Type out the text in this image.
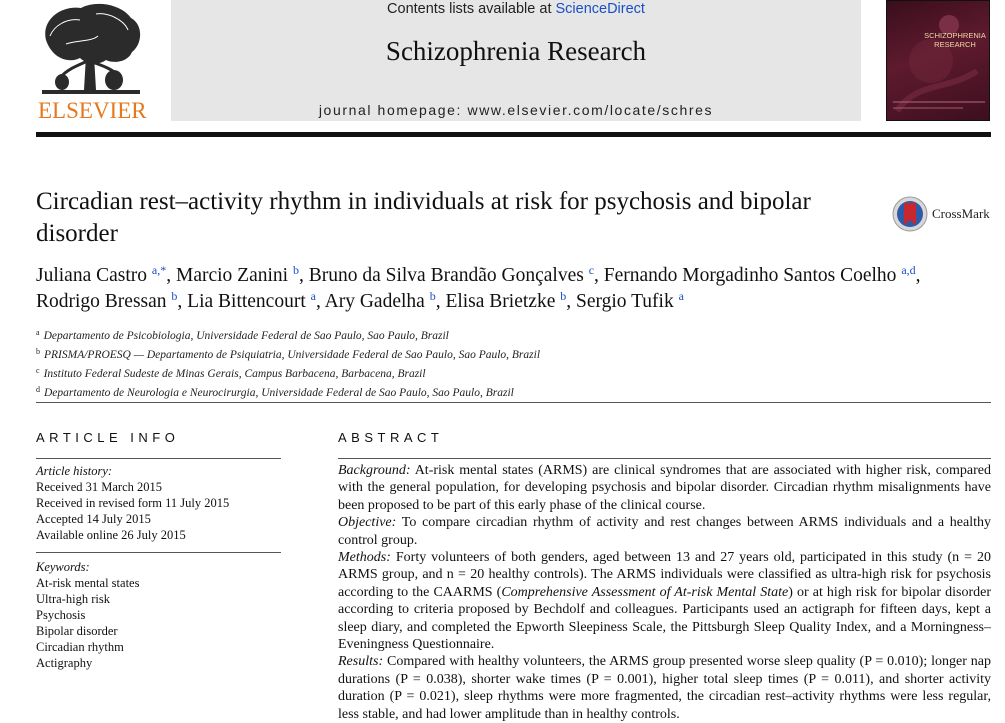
ELSEVIER
Contents lists available at ScienceDirect
Schizophrenia Research
journal homepage: www.elsevier.com/locate/schres
SCHIZOPHRENIA RESEARCH
Circadian rest–activity rhythm in individuals at risk for psychosis and bipolar disorder
CrossMark
Juliana Castro $^{a,*}$, Marcio Zanini $^b$, Bruno da Silva Brandão Gonçalves $^c$, Fernando Morgadinho Santos Coelho $^{a,d}$,
Rodrigo Bressan $^b$, Lia Bittencourt $^a$, Ary Gadelha $^b$, Elisa Brietzke $^b$, Sergio Tufik $^a$
$^a$ Departamento de Psicobiologia, Universidade Federal de Sao Paulo, Sao Paulo, Brazil
$^b$ PRISMA/PROESQ — Departamento de Psiquiatria, Universidade Federal de Sao Paulo, Sao Paulo, Brazil
$^c$ Instituto Federal Sudeste de Minas Gerais, Campus Barbacena, Barbacena, Brazil
$^d$ Departamento de Neurologia e Neurocirurgia, Universidade Federal de Sao Paulo, Sao Paulo, Brazil
ARTICLE INFO
Article history:
Received 31 March 2015
Received in revised form 11 July 2015
Accepted 14 July 2015
Available online 26 July 2015
Keywords:
At-risk mental states
Ultra-high risk
Psychosis
Bipolar disorder
Circadian rhythm
Actigraphy
ABSTRACT

Background: At-risk mental states (ARMS) are clinical syndromes that are associated with higher risk, compared with the general population, for developing psychosis and bipolar disorder. Circadian rhythm misalignments have been proposed to be part of this early phase of the clinical course.

Objective: To compare circadian rhythm of activity and rest changes between ARMS individuals and a healthy control group.

Methods: Forty volunteers of both genders, aged between 13 and 27 years old, participated in this study (n = 20 ARMS group, and n = 20 healthy controls). The ARMS individuals were classified as ultra-high risk for psychosis according to the CAARMS (Comprehensive Assessment of At-risk Mental State) or at high risk for bipolar disorder according to criteria proposed by Bechdolf and colleagues. Participants used an actigraph for fifteen days, kept a sleep diary, and completed the Epworth Sleepiness Scale, the Pittsburgh Sleep Quality Index, and a Morningness–Eveningness Questionnaire.

Results: Compared with healthy volunteers, the ARMS group presented worse sleep quality (P = 0.010); longer nap durations (P = 0.038), shorter wake times (P = 0.001), higher total sleep times (P = 0.011), and shorter activity duration (P = 0.021), sleep rhythms were more fragmented, the circadian rest–activity rhythms were less regular, less stable, and had lower amplitude than in healthy controls.
